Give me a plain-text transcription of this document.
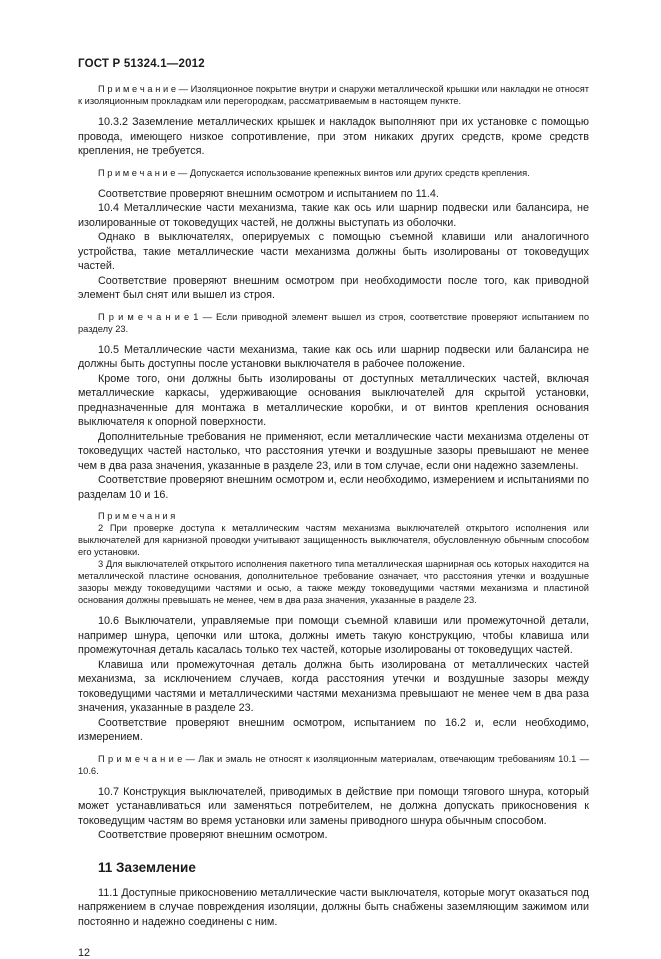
ГОСТ Р 51324.1—2012

П р и м е ч а н и е — Изоляционное покрытие внутри и снаружи металлической крышки или накладки не относят к изоляционным прокладкам или перегородкам, рассматриваемым в настоящем пункте.

10.3.2 Заземление металлических крышек и накладок выполняют при их установке с помощью провода, имеющего низкое сопротивление, при этом никаких других средств, кроме средств крепления, не требуется.

П р и м е ч а н и е — Допускается использование крепежных винтов или других средств крепления.

Соответствие проверяют внешним осмотром и испытанием по 11.4.

10.4 Металлические части механизма, такие как ось или шарнир подвески или балансира, не изолированные от токоведущих частей, не должны выступать из оболочки.

Однако в выключателях, оперируемых с помощью съемной клавиши или аналогичного устройства, такие металлические части механизма должны быть изолированы от токоведущих частей.

Соответствие проверяют внешним осмотром при необходимости после того, как приводной элемент был снят или вышел из строя.

П р и м е ч а н и е 1 — Если приводной элемент вышел из строя, соответствие проверяют испытанием по разделу 23.

10.5 Металлические части механизма, такие как ось или шарнир подвески или балансира не должны быть доступны после установки выключателя в рабочее положение.

Кроме того, они должны быть изолированы от доступных металлических частей, включая металлические каркасы, удерживающие основания выключателей для скрытой установки, предназначенные для монтажа в металлические коробки, и от винтов крепления основания выключателя к опорной поверхности.

Дополнительные требования не применяют, если металлические части механизма отделены от токоведущих частей настолько, что расстояния утечки и воздушные зазоры превышают не менее чем в два раза значения, указанные в разделе 23, или в том случае, если они надежно заземлены.

Соответствие проверяют внешним осмотром и, если необходимо, измерением и испытаниями по разделам 10 и 16.

П р и м е ч а н и я

2 При проверке доступа к металлическим частям механизма выключателей открытого исполнения или выключателей для карнизной проводки учитывают защищенность выключателя, обусловленную обычным способом его установки.

3 Для выключателей открытого исполнения пакетного типа металлическая шарнирная ось которых находится на металлической пластине основания, дополнительное требование означает, что расстояния утечки и воздушные зазоры между токоведущими частями и осью, а также между токоведущими частями механизма и пластиной основания должны превышать не менее, чем в два раза значения, указанные в разделе 23.

10.6 Выключатели, управляемые при помощи съемной клавиши или промежуточной детали, например шнура, цепочки или штока, должны иметь такую конструкцию, чтобы клавиша или промежуточная деталь касалась только тех частей, которые изолированы от токоведущих частей.

Клавиша или промежуточная деталь должна быть изолирована от металлических частей механизма, за исключением случаев, когда расстояния утечки и воздушные зазоры между токоведущими частями и металлическими частями механизма превышают не менее чем в два раза значения, указанные в разделе 23.

Соответствие проверяют внешним осмотром, испытанием по 16.2 и, если необходимо, измерением.

П р и м е ч а н и е — Лак и эмаль не относят к изоляционным материалам, отвечающим требованиям 10.1 — 10.6.

10.7 Конструкция выключателей, приводимых в действие при помощи тягового шнура, который может устанавливаться или заменяться потребителем, не должна допускать прикосновения к токоведущим частям во время установки или замены приводного шнура обычным способом.

Соответствие проверяют внешним осмотром.

11 Заземление

11.1 Доступные прикосновению металлические части выключателя, которые могут оказаться под напряжением в случае повреждения изоляции, должны быть снабжены заземляющим зажимом или постоянно и надежно соединены с ним.

12
